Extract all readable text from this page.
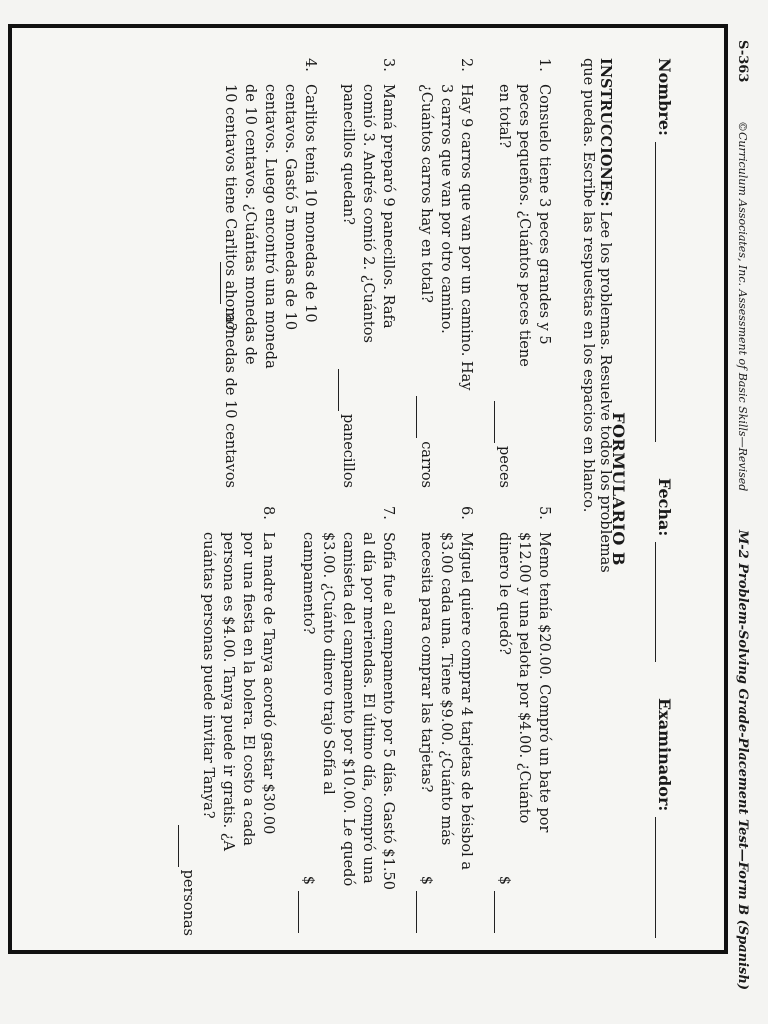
S-363
©Curriculum Associates, Inc. Assessment of Basic Skills—Revised
M-2 Problem-Solving Grade-Placement Test—Form B (Spanish)
Nombre:
Fecha:
Examinador:
FORMULARIO B
INSTRUCCIONES: Lee los problemas. Resuelve todos los problemas que puedas. Escribe las respuestas en los espacios en blanco.
1.
Consuelo tiene 3 peces grandes y 5 peces pequeños. ¿Cuántos peces tiene en total?
peces
2.
Hay 9 carros que van por un camino. Hay 3 carros que van por otro camino. ¿Cuántos carros hay en total?
carros
3.
Mamá preparó 9 panecillos. Rafa comió 3. Andrés comió 2. ¿Cuántos panecillos quedan?
panecillos
4.
Carlitos tenía 10 monedas de 10 centavos. Gastó 5 monedas de 10 centavos. Luego encontró una moneda de 10 centavos. ¿Cuántas monedas de 10 centavos tiene Carlitos ahora?
monedas de 10 centavos
5.
Memo tenía $20.00. Compró un bate por $12.00 y una pelota por $4.00. ¿Cuánto dinero le quedó?
$
6.
Miguel quiere comprar 4 tarjetas de béisbol a $3.00 cada una. Tiene $9.00. ¿Cuánto más necesita para comprar las tarjetas?
$
7.
Sofía fue al campamento por 5 días. Gastó $1.50 al día por meriendas. El último día, compró una camiseta del campamento por $10.00. Le quedó $3.00. ¿Cuánto dinero trajo Sofía al campamento?
$
8.
La madre de Tanya acordó gastar $30.00 por una fiesta en la bolera. El costo a cada persona es $4.00. Tanya puede ir gratis. ¿A cuántas personas puede invitar Tanya?
personas
